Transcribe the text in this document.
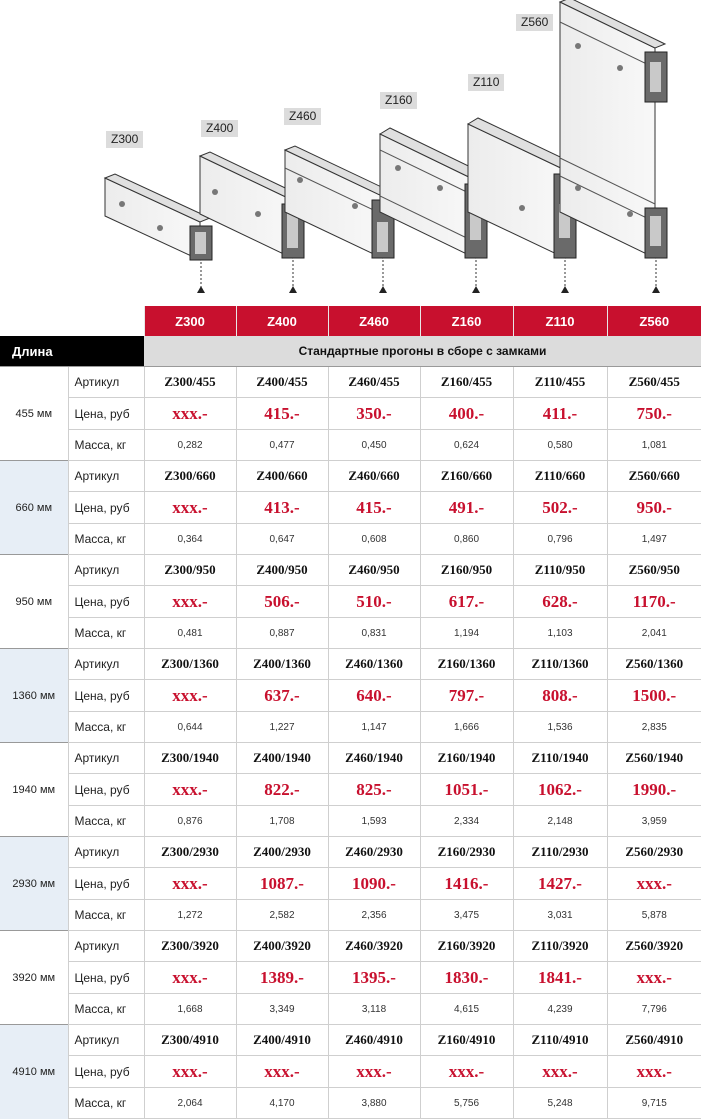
Z300
Z400
Z460
Z160
Z110
Z560
		Z300	Z400	Z460	Z160	Z110	Z560
Длина		Стандартные прогоны в сборе с замками					
455 мм	Артикул	Z300/455	Z400/455	Z460/455	Z160/455	Z110/455	Z560/455
	Цена, руб	xxx.-	415.-	350.-	400.-	411.-	750.-
	Масса, кг	0,282	0,477	0,450	0,624	0,580	1,081
660 мм	Артикул	Z300/660	Z400/660	Z460/660	Z160/660	Z110/660	Z560/660
	Цена, руб	xxx.-	413.-	415.-	491.-	502.-	950.-
	Масса, кг	0,364	0,647	0,608	0,860	0,796	1,497
950 мм	Артикул	Z300/950	Z400/950	Z460/950	Z160/950	Z110/950	Z560/950
	Цена, руб	xxx.-	506.-	510.-	617.-	628.-	1170.-
	Масса, кг	0,481	0,887	0,831	1,194	1,103	2,041
1360 мм	Артикул	Z300/1360	Z400/1360	Z460/1360	Z160/1360	Z110/1360	Z560/1360
	Цена, руб	xxx.-	637.-	640.-	797.-	808.-	1500.-
	Масса, кг	0,644	1,227	1,147	1,666	1,536	2,835
1940 мм	Артикул	Z300/1940	Z400/1940	Z460/1940	Z160/1940	Z110/1940	Z560/1940
	Цена, руб	xxx.-	822.-	825.-	1051.-	1062.-	1990.-
	Масса, кг	0,876	1,708	1,593	2,334	2,148	3,959
2930 мм	Артикул	Z300/2930	Z400/2930	Z460/2930	Z160/2930	Z110/2930	Z560/2930
	Цена, руб	xxx.-	1087.-	1090.-	1416.-	1427.-	xxx.-
	Масса, кг	1,272	2,582	2,356	3,475	3,031	5,878
3920 мм	Артикул	Z300/3920	Z400/3920	Z460/3920	Z160/3920	Z110/3920	Z560/3920
	Цена, руб	xxx.-	1389.-	1395.-	1830.-	1841.-	xxx.-
	Масса, кг	1,668	3,349	3,118	4,615	4,239	7,796
4910 мм	Артикул	Z300/4910	Z400/4910	Z460/4910	Z160/4910	Z110/4910	Z560/4910
	Цена, руб	xxx.-	xxx.-	xxx.-	xxx.-	xxx.-	xxx.-
	Масса, кг	2,064	4,170	3,880	5,756	5,248	9,715
